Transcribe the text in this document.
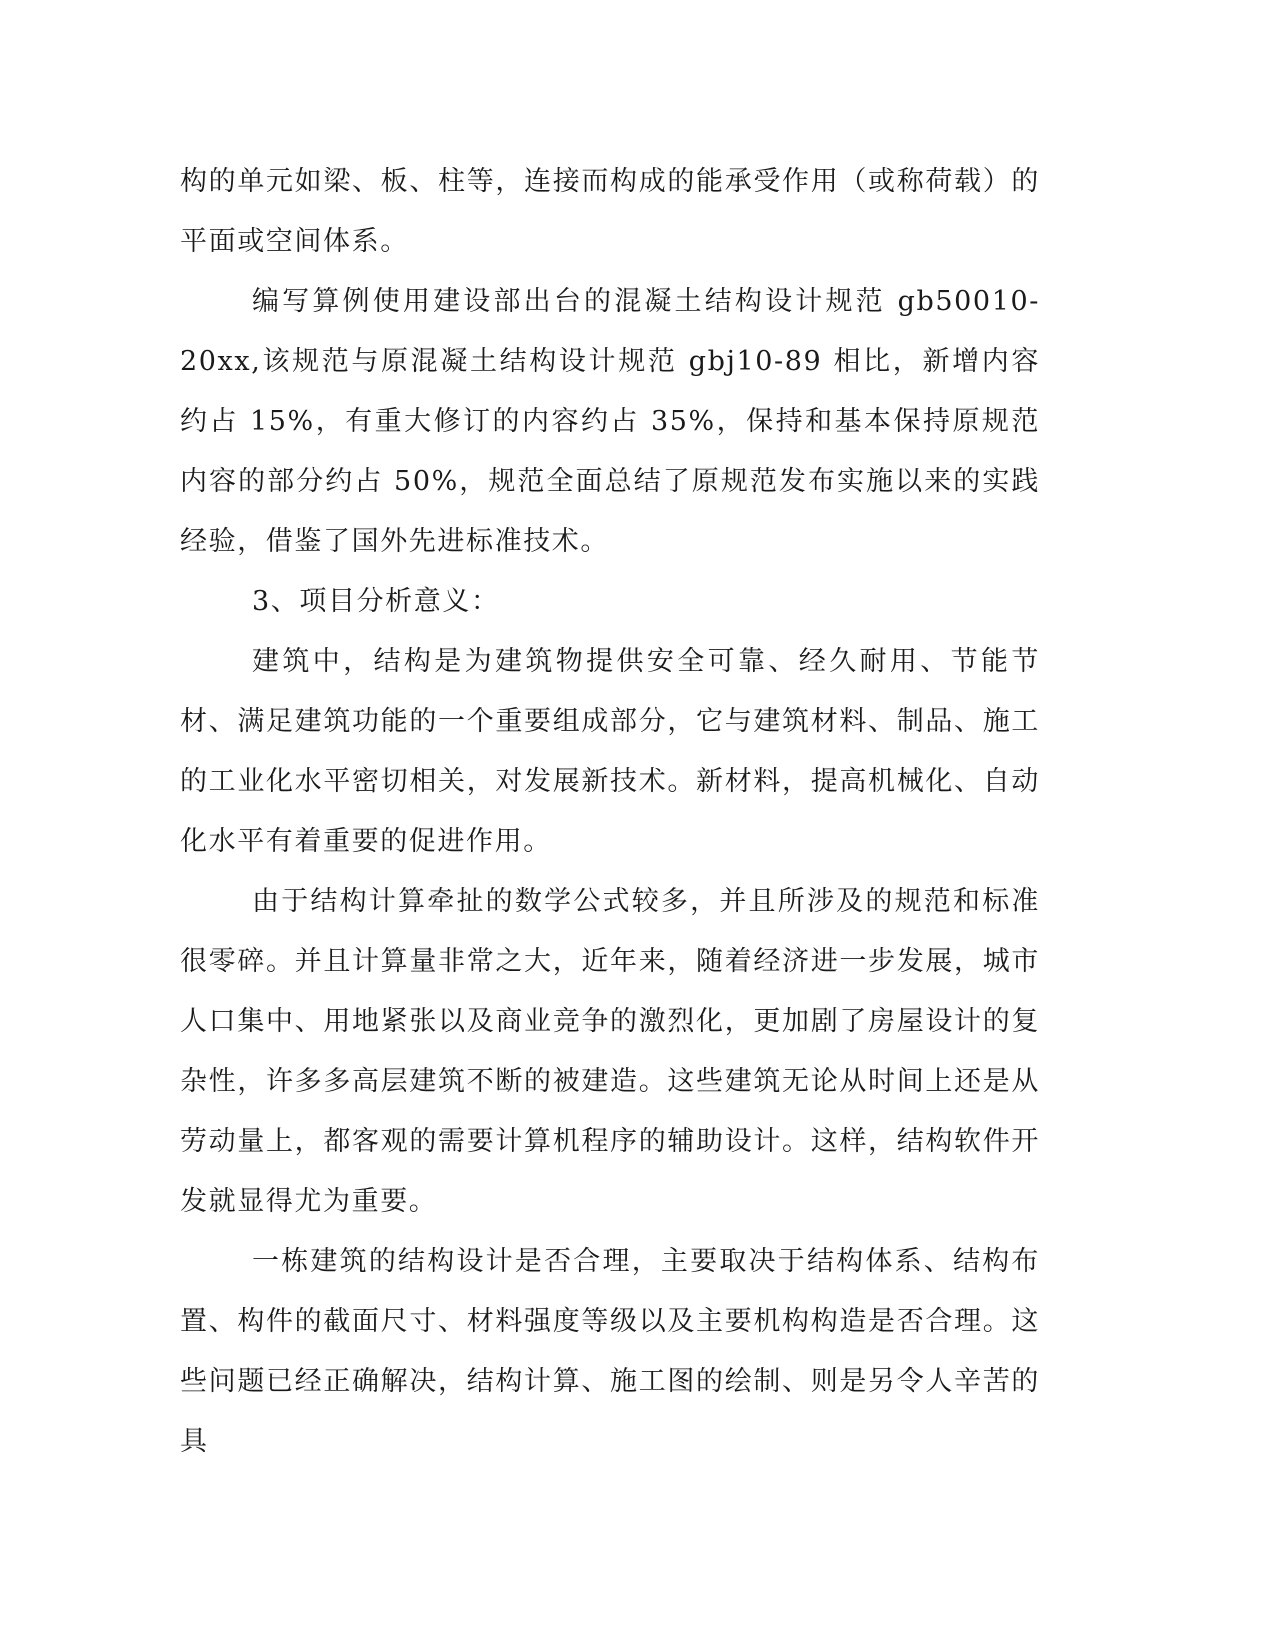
构的单元如梁、板、柱等，连接而构成的能承受作用（或称荷载）的平面或空间体系。

编写算例使用建设部出台的混凝土结构设计规范 gb50010-20xx,该规范与原混凝土结构设计规范 gbj10-89 相比，新增内容约占 15%，有重大修订的内容约占 35%，保持和基本保持原规范内容的部分约占 50%，规范全面总结了原规范发布实施以来的实践经验，借鉴了国外先进标准技术。

3、项目分析意义：

建筑中，结构是为建筑物提供安全可靠、经久耐用、节能节材、满足建筑功能的一个重要组成部分，它与建筑材料、制品、施工的工业化水平密切相关，对发展新技术。新材料，提高机械化、自动化水平有着重要的促进作用。

由于结构计算牵扯的数学公式较多，并且所涉及的规范和标准很零碎。并且计算量非常之大，近年来，随着经济进一步发展，城市人口集中、用地紧张以及商业竞争的激烈化，更加剧了房屋设计的复杂性，许多多高层建筑不断的被建造。这些建筑无论从时间上还是从劳动量上，都客观的需要计算机程序的辅助设计。这样，结构软件开发就显得尤为重要。

一栋建筑的结构设计是否合理，主要取决于结构体系、结构布置、构件的截面尺寸、材料强度等级以及主要机构构造是否合理。这些问题已经正确解决，结构计算、施工图的绘制、则是另令人辛苦的具
